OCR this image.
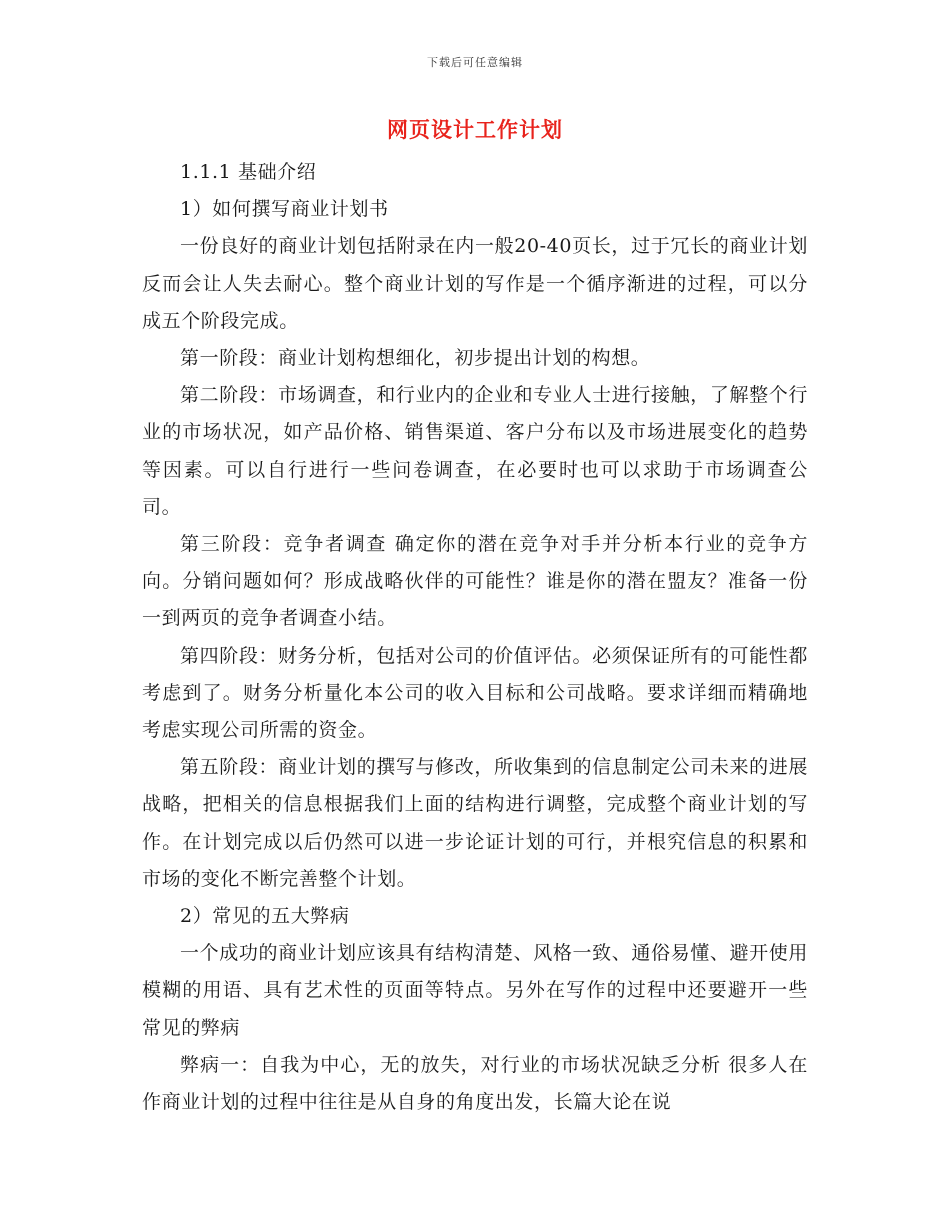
下载后可任意编辑
网页设计工作计划

1.1.1 基础介绍

1）如何撰写商业计划书

一份良好的商业计划包括附录在内一般20-40页长，过于冗长的商业计划反而会让人失去耐心。整个商业计划的写作是一个循序渐进的过程，可以分成五个阶段完成。

第一阶段：商业计划构想细化，初步提出计划的构想。

第二阶段：市场调查，和行业内的企业和专业人士进行接触，了解整个行业的市场状况，如产品价格、销售渠道、客户分布以及市场进展变化的趋势等因素。可以自行进行一些问卷调查，在必要时也可以求助于市场调查公司。

第三阶段：竞争者调查 确定你的潜在竞争对手并分析本行业的竞争方向。分销问题如何？形成战略伙伴的可能性？谁是你的潜在盟友？准备一份一到两页的竞争者调查小结。

第四阶段：财务分析，包括对公司的价值评估。必须保证所有的可能性都考虑到了。财务分析量化本公司的收入目标和公司战略。要求详细而精确地考虑实现公司所需的资金。

第五阶段：商业计划的撰写与修改，所收集到的信息制定公司未来的进展战略，把相关的信息根据我们上面的结构进行调整，完成整个商业计划的写作。在计划完成以后仍然可以进一步论证计划的可行，并根究信息的积累和市场的变化不断完善整个计划。

2）常见的五大弊病

一个成功的商业计划应该具有结构清楚、风格一致、通俗易懂、避开使用模糊的用语、具有艺术性的页面等特点。另外在写作的过程中还要避开一些常见的弊病

弊病一：自我为中心，无的放失，对行业的市场状况缺乏分析 很多人在作商业计划的过程中往往是从自身的角度出发，长篇大论在说
